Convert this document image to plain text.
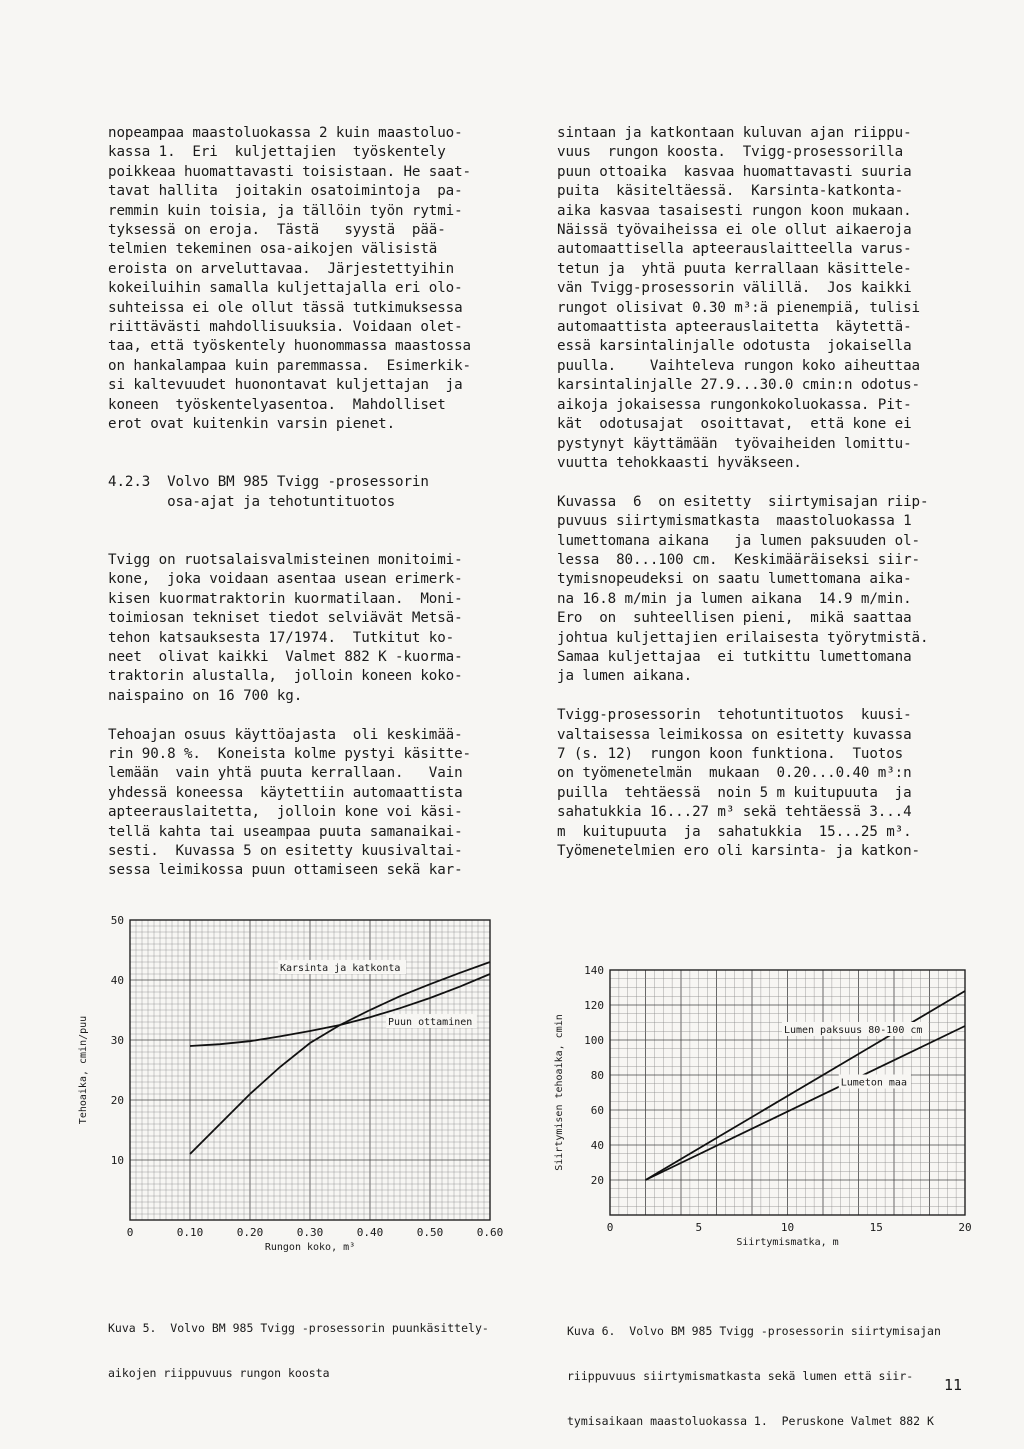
nopeampaa maastoluokassa 2 kuin maastoluo-

kassa 1.  Eri  kuljettajien  työskentely

poikkeaa huomattavasti toisistaan. He saat-

tavat hallita  joitakin osatoimintoja  pa-

remmin kuin toisia, ja tällöin työn rytmi-

tyksessä on eroja.  Tästä   syystä  pää-

telmien tekeminen osa-aikojen välisistä

eroista on arveluttavaa.  Järjestettyihin

kokeiluihin samalla kuljettajalla eri olo-

suhteissa ei ole ollut tässä tutkimuksessa

riittävästi mahdollisuuksia. Voidaan olet-

taa, että työskentely huonommassa maastossa

on hankalampaa kuin paremmassa.  Esimerkik-

si kaltevuudet huonontavat kuljettajan  ja

koneen  työskentelyasentoa.  Mahdolliset

erot ovat kuitenkin varsin pienet.

4.2.3  Volvo BM 985 Tvigg -prosessorin

osa-ajat ja tehotuntituotos

Tvigg on ruotsalaisvalmisteinen monitoimi-

kone,  joka voidaan asentaa usean erimerk-

kisen kuormatraktorin kuormatilaan.  Moni-

toimiosan tekniset tiedot selviävät Metsä-

tehon katsauksesta 17/1974.  Tutkitut ko-

neet  olivat kaikki  Valmet 882 K -kuorma-

traktorin alustalla,  jolloin koneen koko-

naispaino on 16 700 kg.

Tehoajan osuus käyttöajasta  oli keskimää-

rin 90.8 %.  Koneista kolme pystyi käsitte-

lemään  vain yhtä puuta kerrallaan.   Vain

yhdessä koneessa  käytettiin automaattista

apteerauslaitetta,  jolloin kone voi käsi-

tellä kahta tai useampaa puuta samanaikai-

sesti.  Kuvassa 5 on esitetty kuusivaltai-

sessa leimikossa puun ottamiseen sekä kar-

sintaan ja katkontaan kuluvan ajan riippu-

vuus  rungon koosta.  Tvigg-prosessorilla

puun ottoaika  kasvaa huomattavasti suuria

puita  käsiteltäessä.  Karsinta-katkonta-

aika kasvaa tasaisesti rungon koon mukaan.

Näissä työvaiheissa ei ole ollut aikaeroja

automaattisella apteerauslaitteella varus-

tetun ja  yhtä puuta kerrallaan käsittele-

vän Tvigg-prosessorin välillä.  Jos kaikki

rungot olisivat 0.30 m³:ä pienempiä, tulisi

automaattista apteerauslaitetta  käytettä-

essä karsintalinjalle odotusta  jokaisella

puulla.    Vaihteleva rungon koko aiheuttaa

karsintalinjalle 27.9...30.0 cmin:n odotus-

aikoja jokaisessa rungonkokoluokassa. Pit-

kät  odotusajat  osoittavat,  että kone ei

pystynyt käyttämään  työvaiheiden lomittu-

vuutta tehokkaasti hyväkseen.

Kuvassa  6  on esitetty  siirtymisajan riip-

puvuus siirtymismatkasta  maastoluokassa 1

lumettomana aikana   ja lumen paksuuden ol-

lessa  80...100 cm.  Keskimääräiseksi siir-

tymisnopeudeksi on saatu lumettomana aika-

na 16.8 m/min ja lumen aikana  14.9 m/min.

Ero  on  suhteellisen pieni,  mikä saattaa

johtua kuljettajien erilaisesta työrytmistä.

Samaa kuljettajaa  ei tutkittu lumettomana

ja lumen aikana.

Tvigg-prosessorin  tehotuntituotos  kuusi-

valtaisessa leimikossa on esitetty kuvassa

7 (s. 12)  rungon koon funktiona.  Tuotos

on työmenetelmän  mukaan  0.20...0.40 m³:n

puilla  tehtäessä  noin 5 m kuitupuuta  ja

sahatukkia 16...27 m³ sekä tehtäessä 3...4

m  kuitupuuta  ja  sahatukkia  15...25 m³.

Työmenetelmien ero oli karsinta- ja katkon-

0	0.10	0.20	0.30	0.40	0.50	0.60
10
20
30
40
50
Rungon koko, m³
Tehoaika, cmin/puu
Karsinta ja katkonta
Puun ottaminen
0	5	10	15	20
20
40
60
80
100
120
140
Siirtymismatka, m
Siirtymisen tehoaika, cmin	Lumen paksuus 80-100 cm
Lumeton maa

Kuva 5.  Volvo BM 985 Tvigg -prosessorin puunkäsittely-

aikojen riippuvuus rungon koosta

Kuva 6.  Volvo BM 985 Tvigg -prosessorin siirtymisajan

riippuvuus siirtymismatkasta sekä lumen että siir-

tymisaikaan maastoluokassa 1.  Peruskone Valmet 882 K

11
